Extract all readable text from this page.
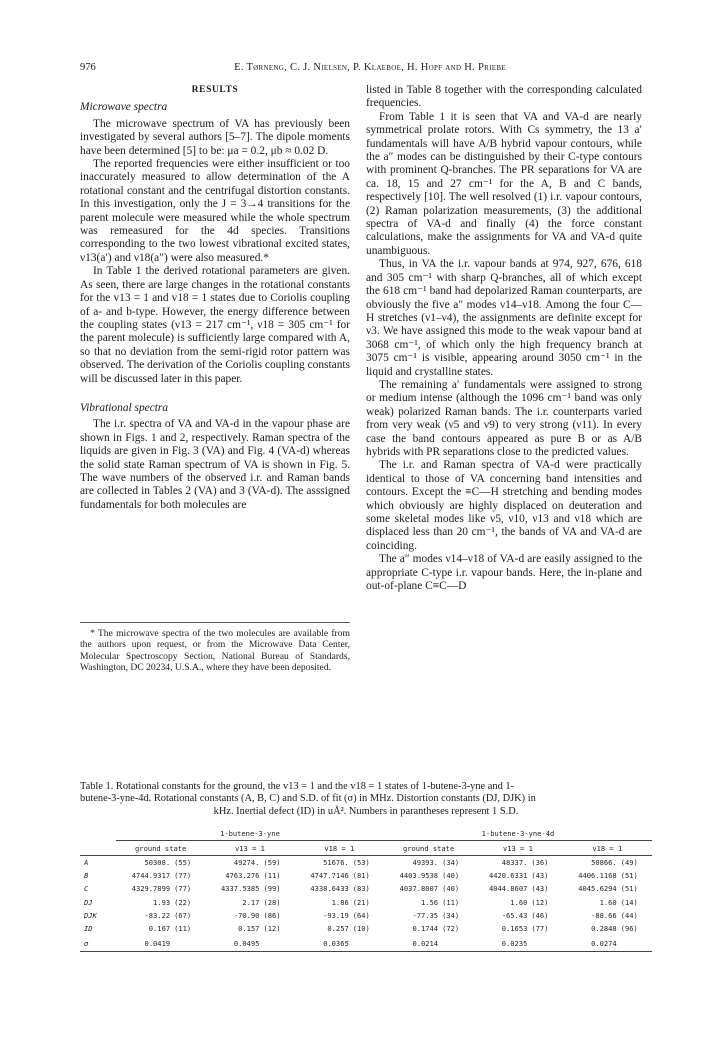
976	E. Tørneng, C. J. Nielsen, P. Klaeboe, H. Hopf and H. Priebe
RESULTS
Microwave spectra

The microwave spectrum of VA has previously been investigated by several authors [5–7]. The dipole moments have been determined [5] to be: μa = 0.2, μb ≈ 0.02 D.

The reported frequencies were either insufficient or too inaccurately measured to allow determination of the A rotational constant and the centrifugal distortion constants. In this investigation, only the J = 3→4 transitions for the parent molecule were measured while the whole spectrum was remeasured for the 4d species. Transitions corresponding to the two lowest vibrational excited states, ν13(a′) and ν18(a″) were also measured.*

In Table 1 the derived rotational parameters are given. As seen, there are large changes in the rotational constants for the v13 = 1 and v18 = 1 states due to Coriolis coupling of a- and b-type. However, the energy difference between the coupling states (ν13 = 217 cm⁻¹, ν18 = 305 cm⁻¹ for the parent molecule) is sufficiently large compared with A, so that no deviation from the semi-rigid rotor pattern was observed. The derivation of the Coriolis coupling constants will be discussed later in this paper.

Vibrational spectra

The i.r. spectra of VA and VA-d in the vapour phase are shown in Figs. 1 and 2, respectively. Raman spectra of the liquids are given in Fig. 3 (VA) and Fig. 4 (VA-d) whereas the solid state Raman spectrum of VA is shown in Fig. 5. The wave numbers of the observed i.r. and Raman bands are collected in Tables 2 (VA) and 3 (VA-d). The asssigned fundamentals for both molecules are

* The microwave spectra of the two molecules are available from the authors upon request, or from the Microwave Data Center, Molecular Spectroscopy Section, National Bureau of Standards, Washington, DC 20234, U.S.A., where they have been deposited.

listed in Table 8 together with the corresponding calculated frequencies.

From Table 1 it is seen that VA and VA-d are nearly symmetrical prolate rotors. With Cs symmetry, the 13 a′ fundamentals will have A/B hybrid vapour contours, while the a″ modes can be distinguished by their C-type contours with prominent Q-branches. The PR separations for VA are ca. 18, 15 and 27 cm⁻¹ for the A, B and C bands, respectively [10]. The well resolved (1) i.r. vapour contours, (2) Raman polarization measurements, (3) the additional spectra of VA-d and finally (4) the force constant calculations, make the assignments for VA and VA-d quite unambiguous.

Thus, in VA the i.r. vapour bands at 974, 927, 676, 618 and 305 cm⁻¹ with sharp Q-branches, all of which except the 618 cm⁻¹ band had depolarized Raman counterparts, are obviously the five a″ modes ν14–ν18. Among the four C—H stretches (ν1–ν4), the assignments are definite except for ν3. We have assigned this mode to the weak vapour band at 3068 cm⁻¹, of which only the high frequency branch at 3075 cm⁻¹ is visible, appearing around 3050 cm⁻¹ in the liquid and crystalline states.

The remaining a′ fundamentals were assigned to strong or medium intense (although the 1096 cm⁻¹ band was only weak) polarized Raman bands. The i.r. counterparts varied from very weak (ν5 and ν9) to very strong (ν11). In every case the band contours appeared as pure B or as A/B hybrids with PR separations close to the predicted values.

The i.r. and Raman spectra of VA-d were practically identical to those of VA concerning band intensities and contours. Except the ≡C—H stretching and bending modes which obviously are highly displaced on deuteration and some skeletal modes like ν5, ν10, ν13 and ν18 which are displaced less than 20 cm⁻¹, the bands of VA and VA-d are coinciding.

The a″ modes ν14–ν18 of VA-d are easily assigned to the appropriate C-type i.r. vapour bands. Here, the in-plane and out-of-plane C≡C—D

Table 1. Rotational constants for the ground, the v13 = 1 and the v18 = 1 states of 1-butene-3-yne and 1-
butene-3-yne-4d. Rotational constants (A, B, C) and S.D. of fit (σ) in MHz. Distortion constants (DJ, DJK) in
kHz. Inertial defect (ID) in uÅ². Numbers in parantheses represent 1 S.D.
	1-butene-3-yne						1-butene-3-yne-4d					
	ground state		v13 = 1		v18 = 1		ground state		v13 = 1		v18 = 1	
A	50308.	(55)	49274.	(59)	51676.	(53)	49393.	(34)	48337.	(36)	50866.	(49)
B	4744.9317	(77)	4763.276	(11)	4747.7146	(81)	4403.9538	(40)	4420.6331	(43)	4406.1168	(51)
C	4329.7899	(77)	4337.5385	(99)	4338.6433	(83)	4037.8007	(40)	4044.8607	(43)	4045.6294	(51)
DJ	1.93	(22)	2.17	(28)	1.86	(21)	1.56	(11)	1.60	(12)	1.60	(14)
DJK	-83.22	(67)	-70.90	(86)	-93.19	(64)	-77.35	(34)	-65.43	(46)	-88.66	(44)
ID	0.167	(11)	0.157	(12)	0.257	(10)	0.1744	(72)	0.1653	(77)	0.2848	(96)
σ	0.0419		0.0495		0.0365		0.0214		0.0235		0.0274	
